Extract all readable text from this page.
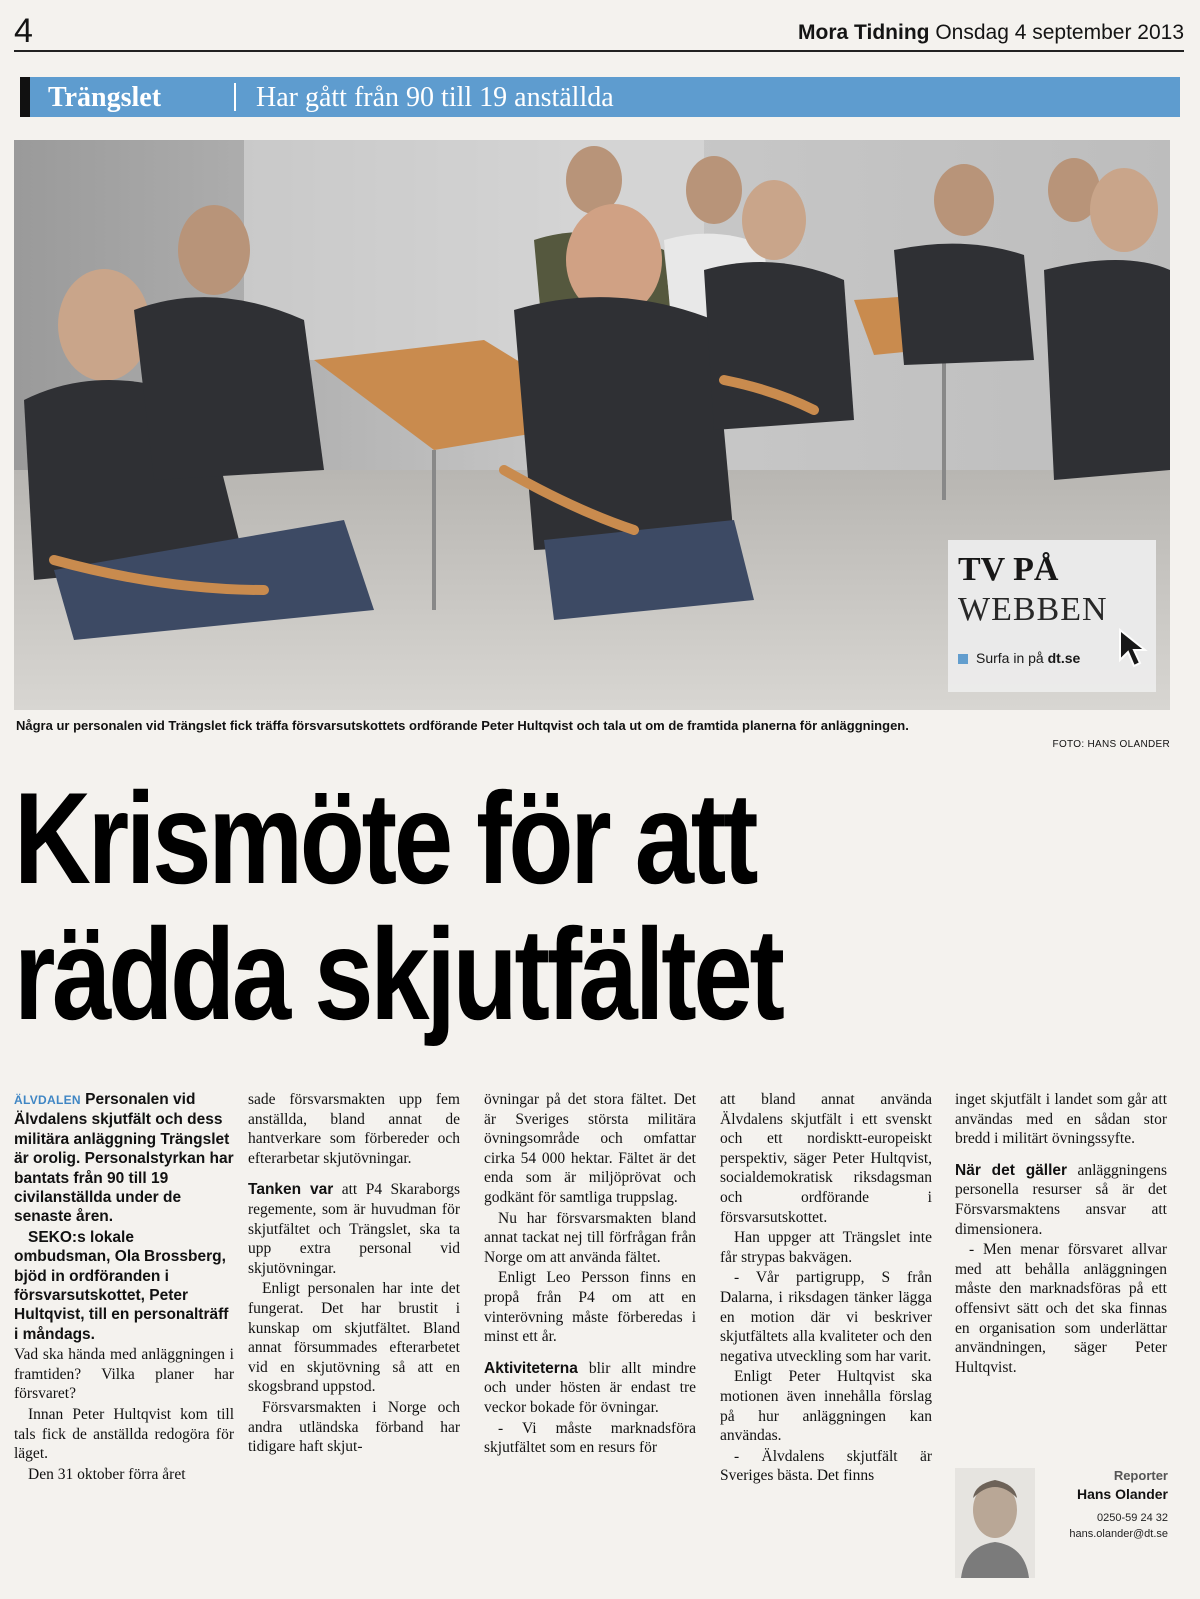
4	Mora Tidning Onsdag 4 september 2013
Trängslet	Har gått från 90 till 19 anställda
TV PÅ
WEBBEN
Surfa in på dt.se
Några ur personalen vid Trängslet fick träffa försvarsutskottets ordförande Peter Hultqvist och tala ut om de framtida planerna för anläggningen.
FOTO: HANS OLANDER
Krismöte för att
rädda skjutfältet

ÄLVDALEN Personalen vid Älvdalens skjutfält och dess militära anläggning Trängslet är orolig. Personalstyrkan har bantats från 90 till 19 civilanställda under de senaste åren.

SEKO:s lokale ombudsman, Ola Brossberg, bjöd in ordföranden i försvarsutskottet, Peter Hultqvist, till en personalträff i måndags.

Vad ska hända med anläggningen i framtiden? Vilka planer har försvaret?

Innan Peter Hultqvist kom till tals fick de anställda redogöra för läget.

Den 31 oktober förra året

sade försvarsmakten upp fem anställda, bland annat de hantverkare som förbereder och efterarbetar skjutövningar.

Tanken var att P4 Skaraborgs regemente, som är huvudman för skjutfältet och Trängslet, ska ta upp extra personal vid skjutövningar.

Enligt personalen har inte det fungerat. Det har brustit i kunskap om skjutfältet. Bland annat försummades efterarbetet vid en skjutövning så att en skogsbrand uppstod.

Försvarsmakten i Norge och andra utländska förband har tidigare haft skjut-

övningar på det stora fältet. Det är Sveriges största militära övningsområde och omfattar cirka 54 000 hektar. Fältet är det enda som är miljöprövat och godkänt för samtliga truppslag.

Nu har försvarsmakten bland annat tackat nej till förfrågan från Norge om att använda fältet.

Enligt Leo Persson finns en propå från P4 om att en vinterövning måste förberedas i minst ett år.

Aktiviteterna blir allt mindre och under hösten är endast tre veckor bokade för övningar.

- Vi måste marknadsföra skjutfältet som en resurs för

att bland annat använda Älvdalens skjutfält i ett svenskt och ett nordisktt-europeiskt perspektiv, säger Peter Hultqvist, socialdemokratisk riksdagsman och ordförande i försvarsutskottet.

Han uppger att Trängslet inte får strypas bakvägen.

- Vår partigrupp, S från Dalarna, i riksdagen tänker lägga en motion där vi beskriver skjutfältets alla kvaliteter och den negativa utveckling som har varit.

Enligt Peter Hultqvist ska motionen även innehålla förslag på hur anläggningen kan användas.

- Älvdalens skjutfält är Sveriges bästa. Det finns

inget skjutfält i landet som går att användas med en sådan stor bredd i militärt övningssyfte.

När det gäller anläggningens personella resurser så är det Försvarsmaktens ansvar att dimensionera.

- Men menar försvaret allvar med att behålla anläggningen måste den marknadsföras på ett offensivt sätt och det ska finnas en organisation som underlättar användningen, säger Peter Hultqvist.

Reporter
Hans Olander
0250-59 24 32
hans.olander@dt.se
